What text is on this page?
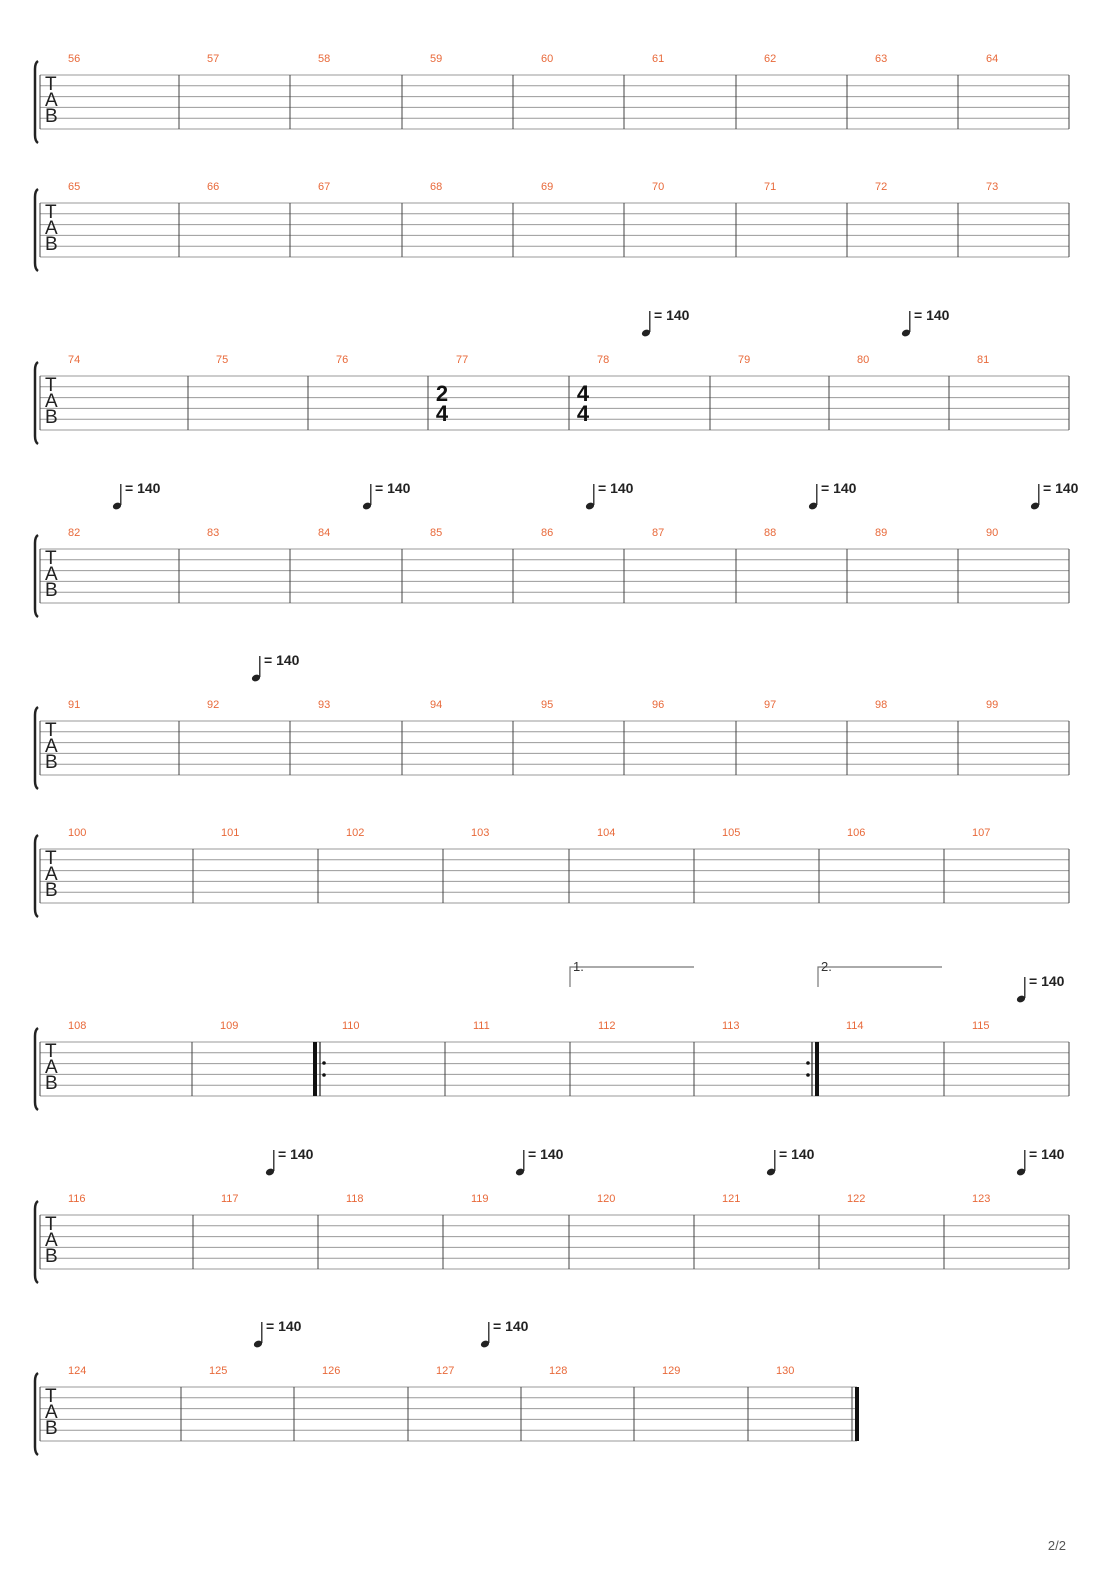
T
A
B
56	57	58	59	60	61	62	63	64
T
A
B
65	66	67	68	69	70	71	72	73
T
A
B
74	75	76	77	78	79	80	81
2
4
4
4
= 140	= 140
T
A
B
82	83	84	85	86	87	88	89	90
= 140	= 140	= 140	= 140	= 140
T
A
B
91	92	93	94	95	96	97	98	99
= 140
T
A
B
100	101	102	103	104	105	106	107
T
A
B
108	109	110	111	112	113	114	115
1.	2.
= 140
T
A
B
116	117	118	119	120	121	122	123
= 140	= 140	= 140	= 140
T
A
B
124	125	126	127	128	129	130
= 140	= 140
2/2
